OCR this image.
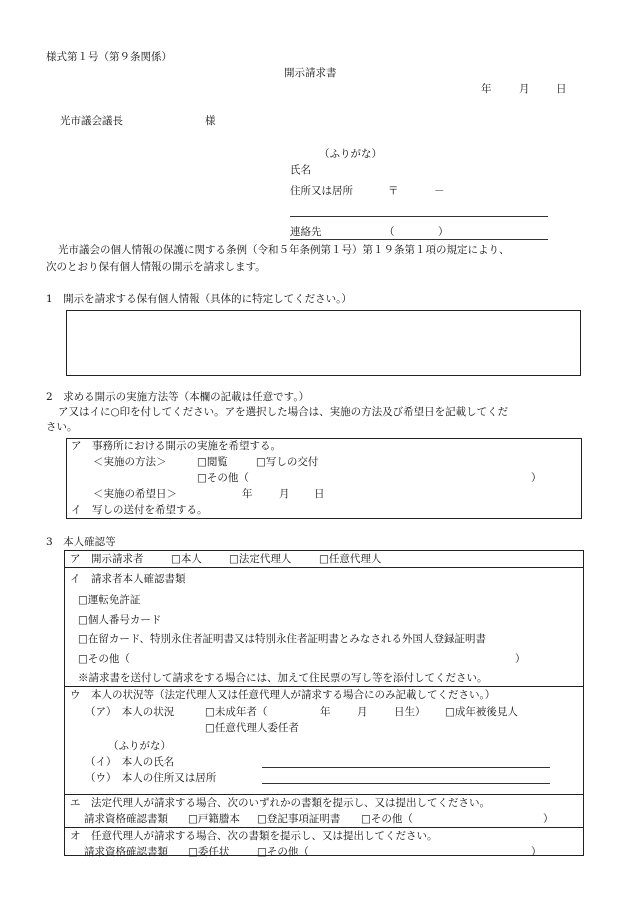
様式第１号（第９条関係）
開示請求書
年	月	日
光市議会議長	様
（ふりがな）
氏名
住所又は居所	〒	－
連絡先	（	）
光市議会の個人情報の保護に関する条例（令和５年条例第１号）第１９条第１項の規定により、
次のとおり保有個人情報の開示を請求します。
1　開示を請求する保有個人情報（具体的に特定してください。）
2　求める開示の実施方法等（本欄の記載は任意です。）
ア又はイに○印を付してください。アを選択した場合は、実施の方法及び希望日を記載してくだ
さい。
ア　事務所における開示の実施を希望する。
＜実施の方法＞	□閲覧	□写しの交付
□その他（	）
＜実施の希望日＞	年	月 日
イ　写しの送付を希望する。
3　本人確認等
ア　開示請求者	□本人	□法定代理人	□任意代理人
イ　請求者本人確認書類
□運転免許証
□個人番号カード
□在留カード、特別永住者証明書又は特別永住者証明書とみなされる外国人登録証明書
□その他（	）
※請求書を送付して請求をする場合には、加えて住民票の写し等を添付してください。
ウ　本人の状況等（法定代理人又は任意代理人が請求する場合にのみ記載してください。）
（ア）　本人の状況	□未成年者（	年	月	日生） □成年被後見人
□任意代理人委任者
（ふりがな）
（イ）　本人の氏名
（ウ）　本人の住所又は居所
エ　法定代理人が請求する場合、次のいずれかの書類を提示し、又は提出してください。
請求資格確認書類 □戸籍謄本 □登記事項証明書 □その他（	）
オ　任意代理人が請求する場合、次の書類を提示し、又は提出してください。
請求資格確認書類 □委任状	□その他（	）
